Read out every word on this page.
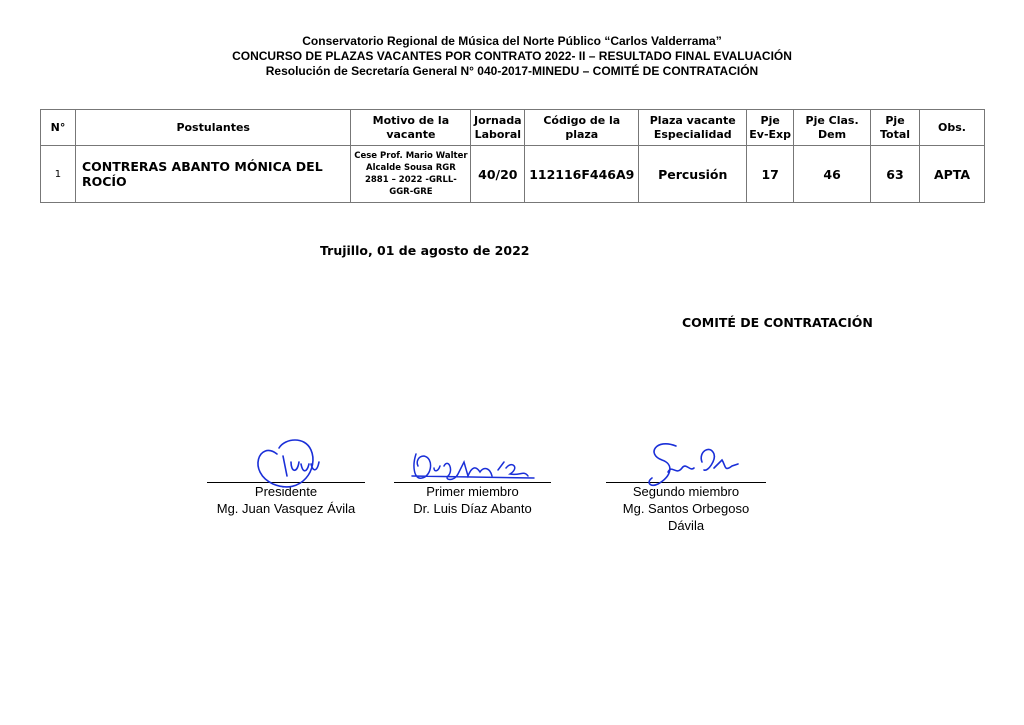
Conservatorio Regional de Música del Norte Público “Carlos Valderrama”
CONCURSO DE PLAZAS VACANTES POR CONTRATO 2022- II – RESULTADO FINAL EVALUACIÓN
Resolución de Secretaría General N° 040-2017-MINEDU – COMITÉ DE CONTRATACIÓN
N°	Postulantes	Motivo de la vacante	Jornada Laboral	Código de la plaza	Plaza vacante Especialidad	Pje Ev-Exp	Pje Clas. Dem	Pje Total	Obs.
1	CONTRERAS ABANTO MÓNICA DEL ROCÍO	Cese Prof. Mario Walter Alcalde Sousa RGR 2881 – 2022 -GRLL-GGR-GRE	40/20	112116F446A9	Percusión	17	46	63	APTA
Trujillo, 01 de agosto de 2022
COMITÉ DE CONTRATACIÓN
Presidente
Mg. Juan Vasquez Ávila
Primer miembro
Dr. Luis Díaz Abanto
Segundo miembro
Mg. Santos Orbegoso Dávila
